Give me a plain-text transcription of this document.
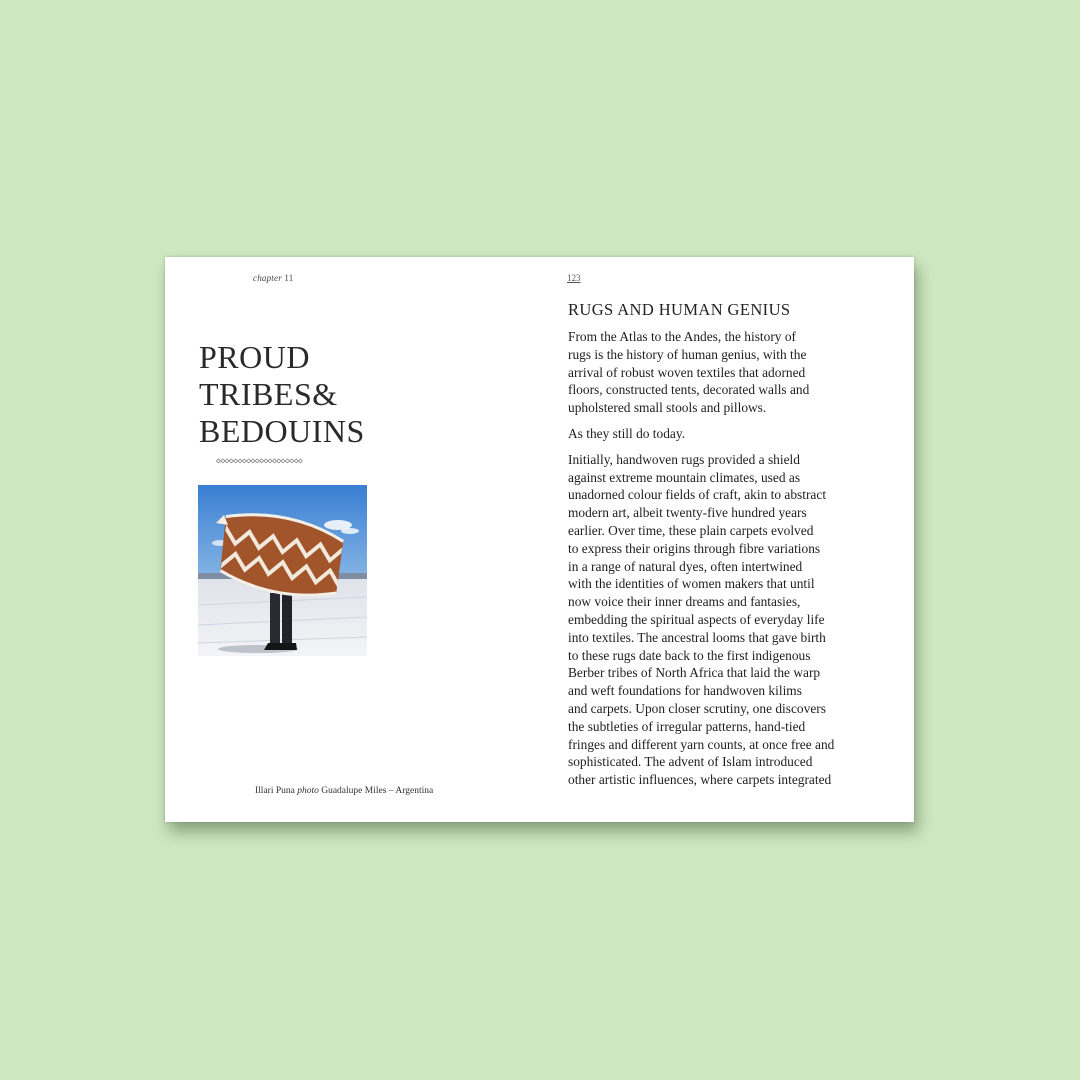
chapter 11
PROUD
TRIBES&
BEDOUINS
◇◇◇◇◇◇◇◇◇◇◇◇◇◇◇◇◇◇◇◇
Illari Puna photo Guadalupe Miles – Argentina
123
RUGS AND HUMAN GENIUS

From the Atlas to the Andes, the history of
rugs is the history of human genius, with the
arrival of robust woven textiles that adorned
floors, constructed tents, decorated walls and
upholstered small stools and pillows.

As they still do today.

Initially, handwoven rugs provided a shield
against extreme mountain climates, used as
unadorned colour fields of craft, akin to abstract
modern art, albeit twenty-five hundred years
earlier. Over time, these plain carpets evolved
to express their origins through fibre variations
in a range of natural dyes, often intertwined
with the identities of women makers that until
now voice their inner dreams and fantasies,
embedding the spiritual aspects of everyday life
into textiles. The ancestral looms that gave birth
to these rugs date back to the first indigenous
Berber tribes of North Africa that laid the warp
and weft foundations for handwoven kilims
and carpets. Upon closer scrutiny, one discovers
the subtleties of irregular patterns, hand-tied
fringes and different yarn counts, at once free and
sophisticated. The advent of Islam introduced
other artistic influences, where carpets integrated
